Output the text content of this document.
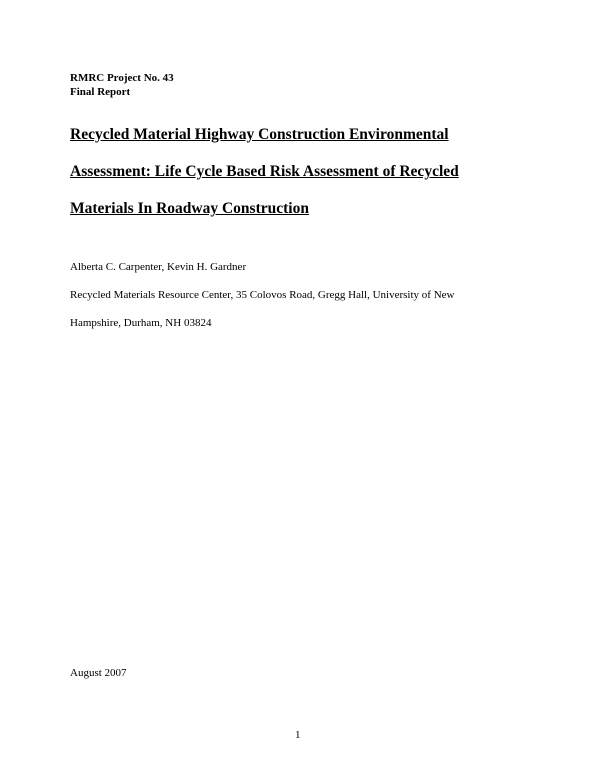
RMRC Project No. 43
Final Report
Recycled Material Highway Construction Environmental
Assessment: Life Cycle Based Risk Assessment of Recycled
Materials In Roadway Construction
Alberta C. Carpenter, Kevin H. Gardner
Recycled Materials Resource Center, 35 Colovos Road, Gregg Hall, University of New
Hampshire, Durham, NH 03824
August 2007
1
